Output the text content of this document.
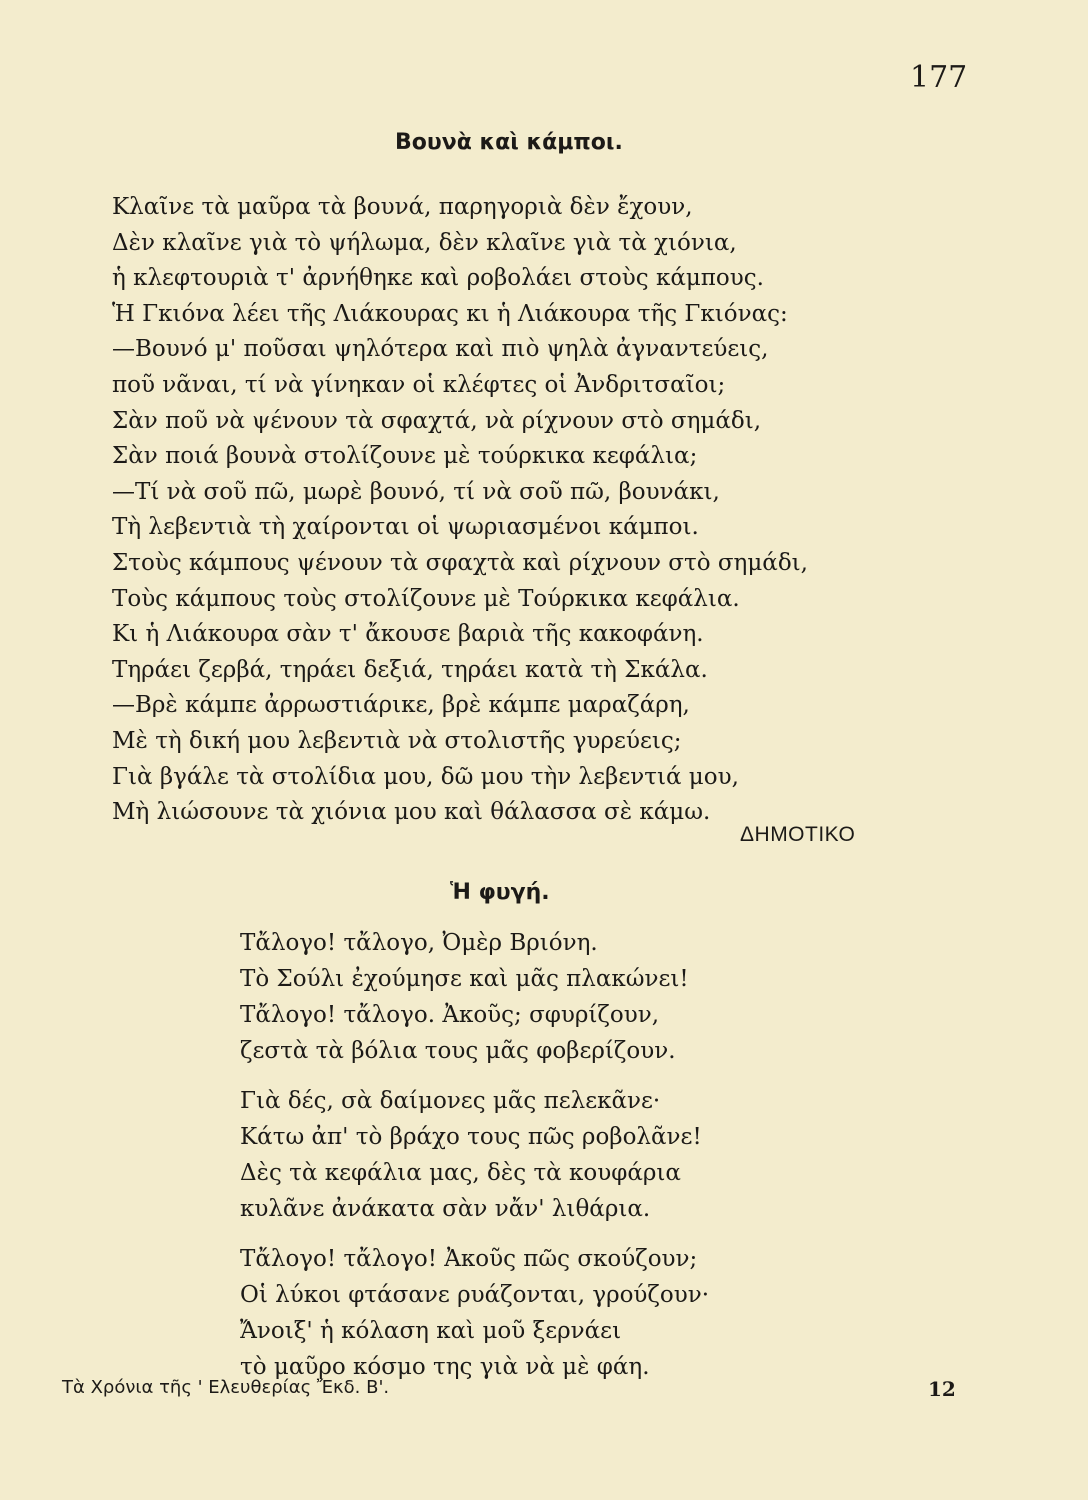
177
Βουνὰ καὶ κάμποι.
Κλαῖνε τὰ μαῦρα τὰ βουνά, παρηγοριὰ δὲν ἔχουν,
Δὲν κλαῖνε γιὰ τὸ ψήλωμα, δὲν κλαῖνε γιὰ τὰ χιόνια,
ἡ κλεφτουριὰ τ' ἀρνήθηκε καὶ ροβολάει στοὺς κάμπους.
Ἡ Γκιόνα λέει τῆς Λιάκουρας κι ἡ Λιάκουρα τῆς Γκιόνας:
—Βουνό μ' ποῦσαι ψηλότερα καὶ πιὸ ψηλὰ ἀγναντεύεις,
ποῦ νᾶναι, τί νὰ γίνηκαν οἱ κλέφτες οἱ Ἀνδριτσαῖοι;
Σὰν ποῦ νὰ ψένουν τὰ σφαχτά, νὰ ρίχνουν στὸ σημάδι,
Σὰν ποιά βουνὰ στολίζουνε μὲ τούρκικα κεφάλια;
—Τί νὰ σοῦ πῶ, μωρὲ βουνό, τί νὰ σοῦ πῶ, βουνάκι,
Τὴ λεβεντιὰ τὴ χαίρονται οἱ ψωριασμένοι κάμποι.
Στοὺς κάμπους ψένουν τὰ σφαχτὰ καὶ ρίχνουν στὸ σημάδι,
Τοὺς κάμπους τοὺς στολίζουνε μὲ Τούρκικα κεφάλια.
Κι ἡ Λιάκουρα σὰν τ' ἄκουσε βαριὰ τῆς κακοφάνη.
Τηράει ζερβά, τηράει δεξιά, τηράει κατὰ τὴ Σκάλα.
—Βρὲ κάμπε ἀρρωστιάρικε, βρὲ κάμπε μαραζάρη,
Μὲ τὴ δική μου λεβεντιὰ νὰ στολιστῆς γυρεύεις;
Γιὰ βγάλε τὰ στολίδια μου, δῶ μου τὴν λεβεντιά μου,
Μὴ λιώσουνε τὰ χιόνια μου καὶ θάλασσα σὲ κάμω.
ΔΗΜΟΤΙΚΟ
Ἡ φυγή.
Τἄλογο! τἄλογο, Ὀμὲρ Βριόνη.
Τὸ Σούλι ἐχούμησε καὶ μᾶς πλακώνει!
Τἄλογο! τἄλογο. Ἀκοῦς; σφυρίζουν,
ζεστὰ τὰ βόλια τους μᾶς φοβερίζουν.
Γιὰ δές, σὰ δαίμονες μᾶς πελεκᾶνε·
Κάτω ἀπ' τὸ βράχο τους πῶς ροβολᾶνε!
Δὲς τὰ κεφάλια μας, δὲς τὰ κουφάρια
κυλᾶνε ἀνάκατα σὰν νἄν' λιθάρια.
Τἄλογο! τἄλογο! Ἀκοῦς πῶς σκούζουν;
Οἱ λύκοι φτάσανε ρυάζονται, γρούζουν·
Ἄνοιξ' ἡ κόλαση καὶ μοῦ ξερνάει
τὸ μαῦρο κόσμο της γιὰ νὰ μὲ φάη.
Τὰ Χρόνια τῆς ' Ελευθερίας Ἔκδ. Β'.	12
